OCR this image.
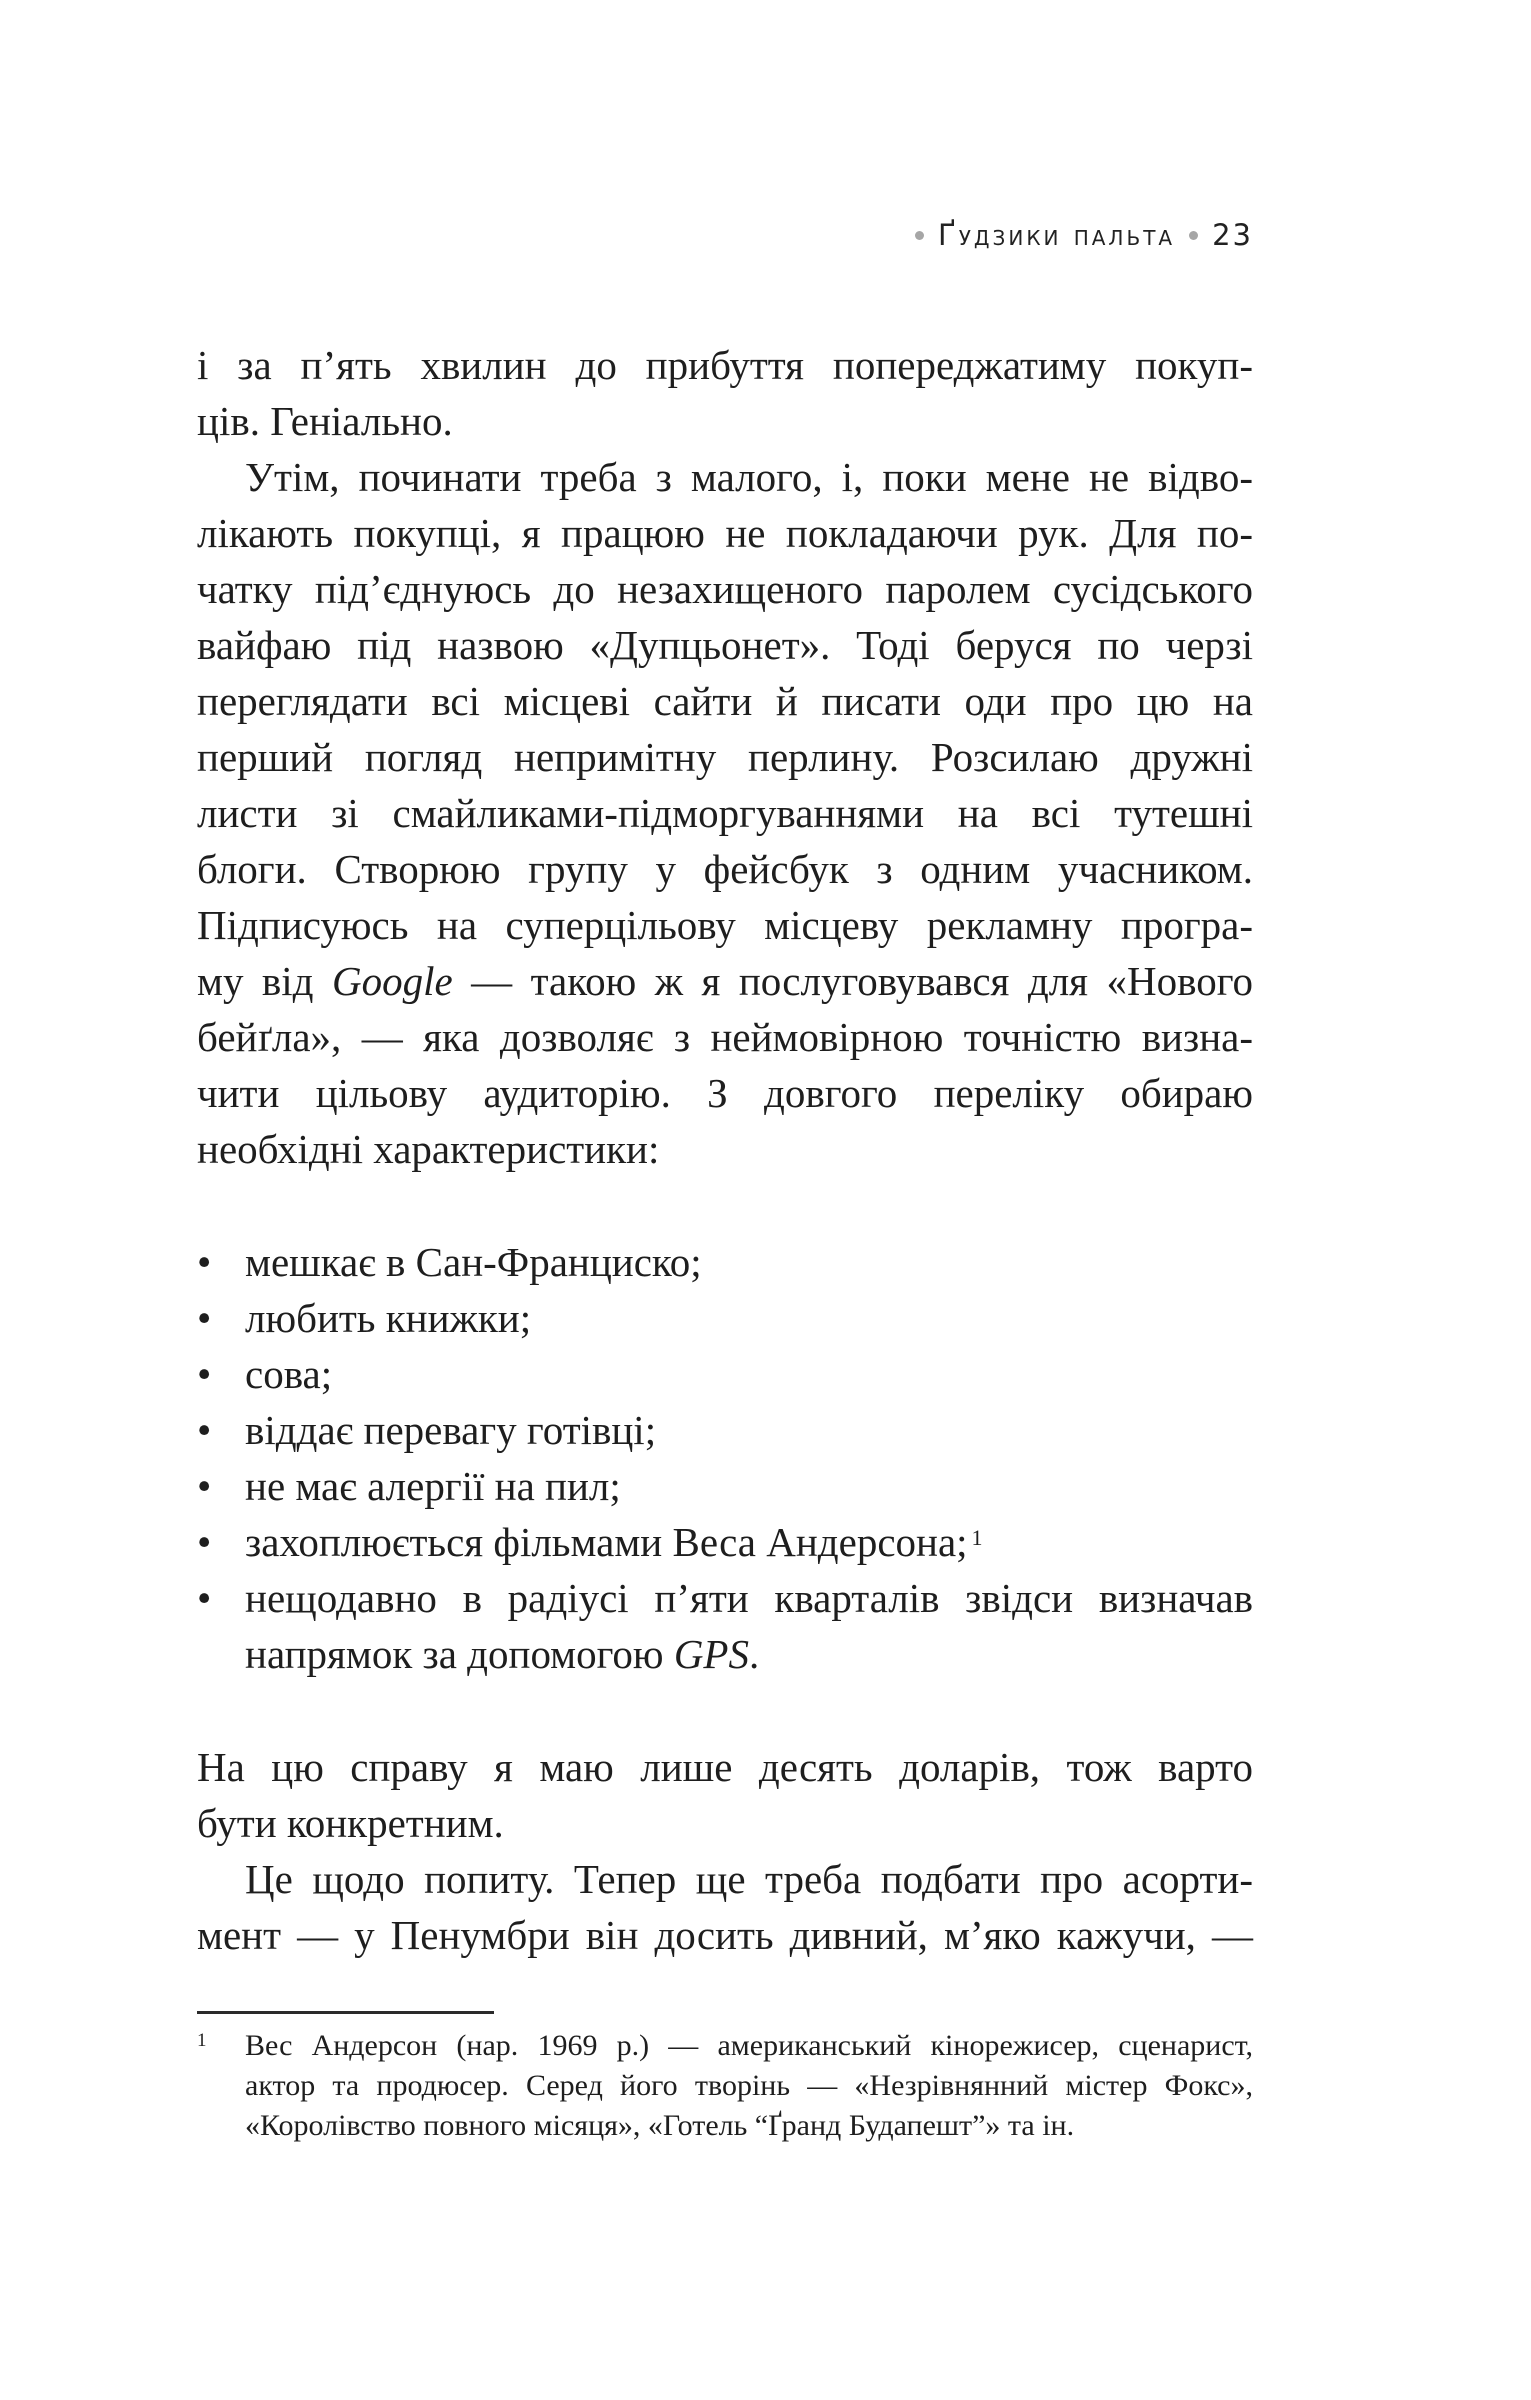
Ґудзики пальта 23
і за п’ять хвилин до прибуття попереджатиму покуп-
ців. Геніально.
Утім, починати треба з малого, і, поки мене не відво-
лікають покупці, я працюю не покладаючи рук. Для по-
чатку під’єднуюсь до незахищеного паролем сусідського
вайфаю під назвою «Дупцьонет». Тоді беруся по черзі
переглядати всі місцеві сайти й писати оди про цю на
перший погляд непримітну перлину. Розсилаю дружні
листи зі смайликами-підморгуваннями на всі тутешні
блоги. Створюю групу у фейсбук з одним учасником.
Підписуюсь на суперцільову місцеву рекламну програ-
му від Google — такою ж я послуговувався для «Нового
бейґла», — яка дозволяє з неймовірною точністю визна-
чити цільову аудиторію. З довгого переліку обираю
необхідні характеристики:
• мешкає в Сан-Франциско;
• любить книжки;
• сова;
• віддає перевагу готівці;
• не має алергії на пил;
• захоплюється фільмами Веса Андерсона; $^1$
• нещодавно в радіусі п’яти кварталів звідси визначав
напрямок за допомогою GPS.
На цю справу я маю лише десять доларів, тож варто
бути конкретним.
Це щодо попиту. Тепер ще треба подбати про асорти-
мент — у Пенумбри він досить дивний, м’яко кажучи, —
1	Вес Андерсон (нар. 1969 р.) — американський кінорежисер, сценарист,
актор та продюсер. Серед його творінь — «Незрівнянний містер Фокс»,
«Королівство повного місяця», «Готель “Ґранд Будапешт”» та ін.
